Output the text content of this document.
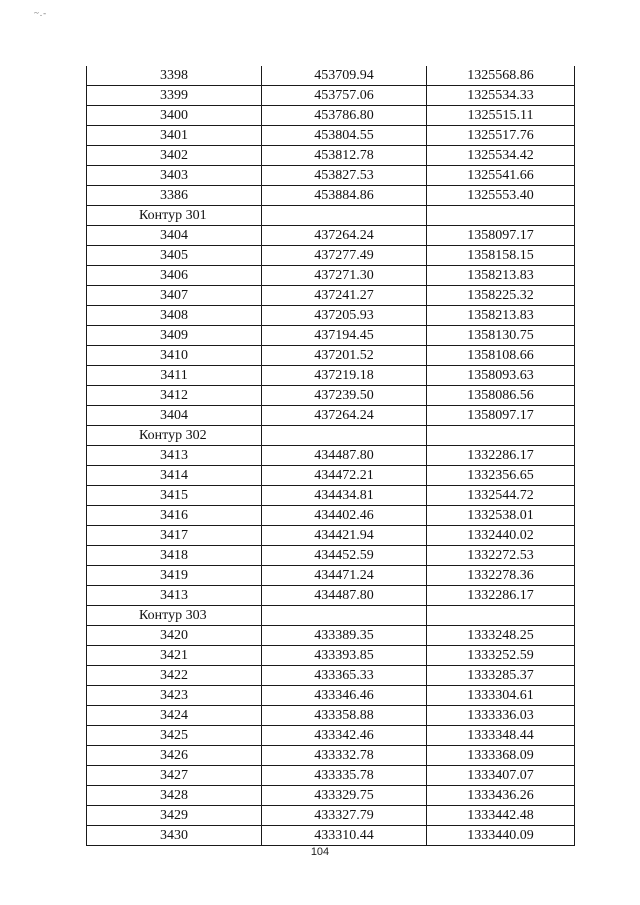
~.-
3398	453709.94	1325568.86
3399	453757.06	1325534.33
3400	453786.80	1325515.11
3401	453804.55	1325517.76
3402	453812.78	1325534.42
3403	453827.53	1325541.66
3386	453884.86	1325553.40
Контур 301		
3404	437264.24	1358097.17
3405	437277.49	1358158.15
3406	437271.30	1358213.83
3407	437241.27	1358225.32
3408	437205.93	1358213.83
3409	437194.45	1358130.75
3410	437201.52	1358108.66
3411	437219.18	1358093.63
3412	437239.50	1358086.56
3404	437264.24	1358097.17
Контур 302		
3413	434487.80	1332286.17
3414	434472.21	1332356.65
3415	434434.81	1332544.72
3416	434402.46	1332538.01
3417	434421.94	1332440.02
3418	434452.59	1332272.53
3419	434471.24	1332278.36
3413	434487.80	1332286.17
Контур 303		
3420	433389.35	1333248.25
3421	433393.85	1333252.59
3422	433365.33	1333285.37
3423	433346.46	1333304.61
3424	433358.88	1333336.03
3425	433342.46	1333348.44
3426	433332.78	1333368.09
3427	433335.78	1333407.07
3428	433329.75	1333436.26
3429	433327.79	1333442.48
3430	433310.44	1333440.09
104
